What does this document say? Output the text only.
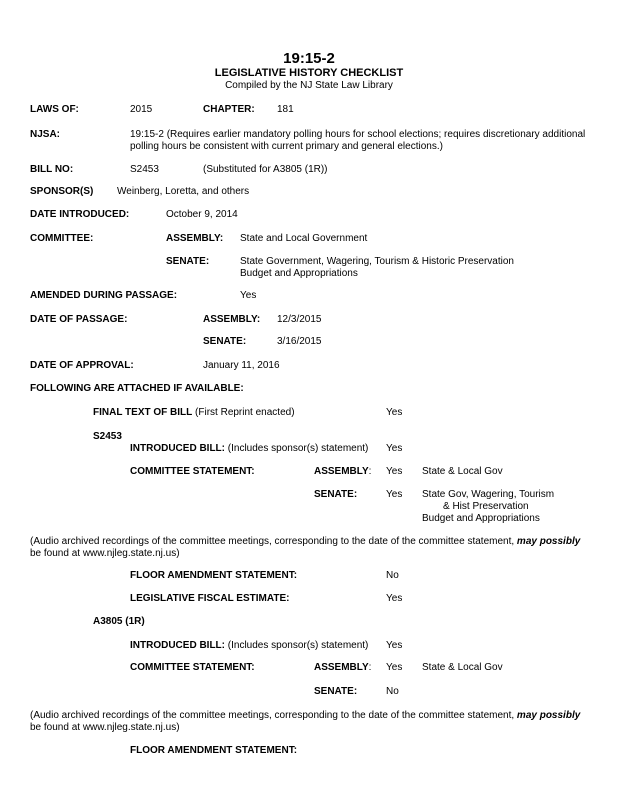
19:15-2
LEGISLATIVE HISTORY CHECKLIST
Compiled by the NJ State Law Library
LAWS OF:	2015	CHAPTER: 181
NJSA:	19:15-2 (Requires earlier mandatory polling hours for school elections; requires discretionary additional
polling hours be consistent with current primary and general elections.)
BILL NO:	S2453	(Substituted for A3805 (1R))
SPONSOR(S) Weinberg, Loretta, and others
DATE INTRODUCED:	October 9, 2014
COMMITTEE:	ASSEMBLY: State and Local Government
SENATE:	State Government, Wagering, Tourism & Historic Preservation
Budget and Appropriations
AMENDED DURING PASSAGE:	Yes
DATE OF PASSAGE:	ASSEMBLY: 12/3/2015
SENATE:	3/16/2015
DATE OF APPROVAL:	January 11, 2016
FOLLOWING ARE ATTACHED IF AVAILABLE:
FINAL TEXT OF BILL (First Reprint enacted)	Yes
S2453
INTRODUCED BILL: (Includes sponsor(s) statement) Yes
COMMITTEE STATEMENT:	ASSEMBLY: Yes State & Local Gov
SENATE:	Yes State Gov, Wagering, Tourism
& Hist Preservation
Budget and Appropriations
(Audio archived recordings of the committee meetings, corresponding to the date of the committee statement, may possibly
be found at www.njleg.state.nj.us)
FLOOR AMENDMENT STATEMENT:	No
LEGISLATIVE FISCAL ESTIMATE:	Yes
A3805 (1R)
INTRODUCED BILL: (Includes sponsor(s) statement) Yes
COMMITTEE STATEMENT:	ASSEMBLY: Yes State & Local Gov
SENATE:	No
(Audio archived recordings of the committee meetings, corresponding to the date of the committee statement, may possibly
be found at www.njleg.state.nj.us)
FLOOR AMENDMENT STATEMENT:
